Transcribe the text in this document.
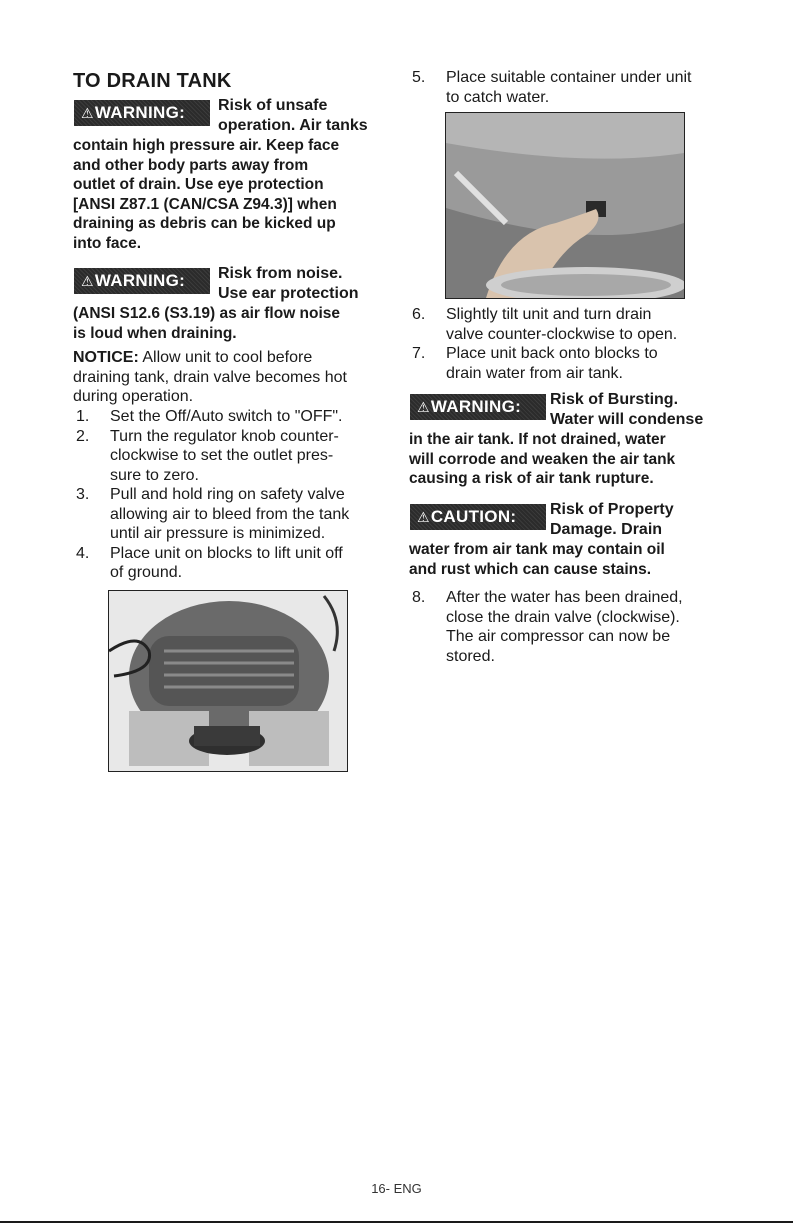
TO DRAIN TANK
⚠WARNING:	Risk of unsafe
operation. Air tanks
contain high pressure air. Keep face
and other body parts away from
outlet of drain. Use eye protection
[ANSI Z87.1 (CAN/CSA Z94.3)] when
draining as debris can be kicked up
into face.
⚠WARNING:	Risk from noise.
Use ear protection
(ANSI S12.6 (S3.19) as air flow noise
is loud when draining.
NOTICE: Allow unit to cool before
draining tank, drain valve becomes hot
during operation.
1. Set the Off/Auto switch to "OFF".
2. Turn the regulator knob counter-
clockwise to set the outlet pres-
sure to zero.
3. Pull and hold ring on safety valve
allowing air to bleed from the tank
until air pressure is minimized.
4. Place unit on blocks to lift unit off
of ground.
5. Place suitable container under unit
to catch water.
6. Slightly tilt unit and turn drain
valve counter-clockwise to open.
7. Place unit back onto blocks to
drain water from air tank.
⚠WARNING:	Risk of Bursting.
Water will condense
in the air tank. If not drained, water
will corrode and weaken the air tank
causing a risk of air tank rupture.
⚠CAUTION:	Risk of Property
Damage. Drain
water from air tank may contain oil
and rust which can cause stains.
8. After the water has been drained,
close the drain valve (clockwise).
The air compressor can now be
stored.
16- ENG
